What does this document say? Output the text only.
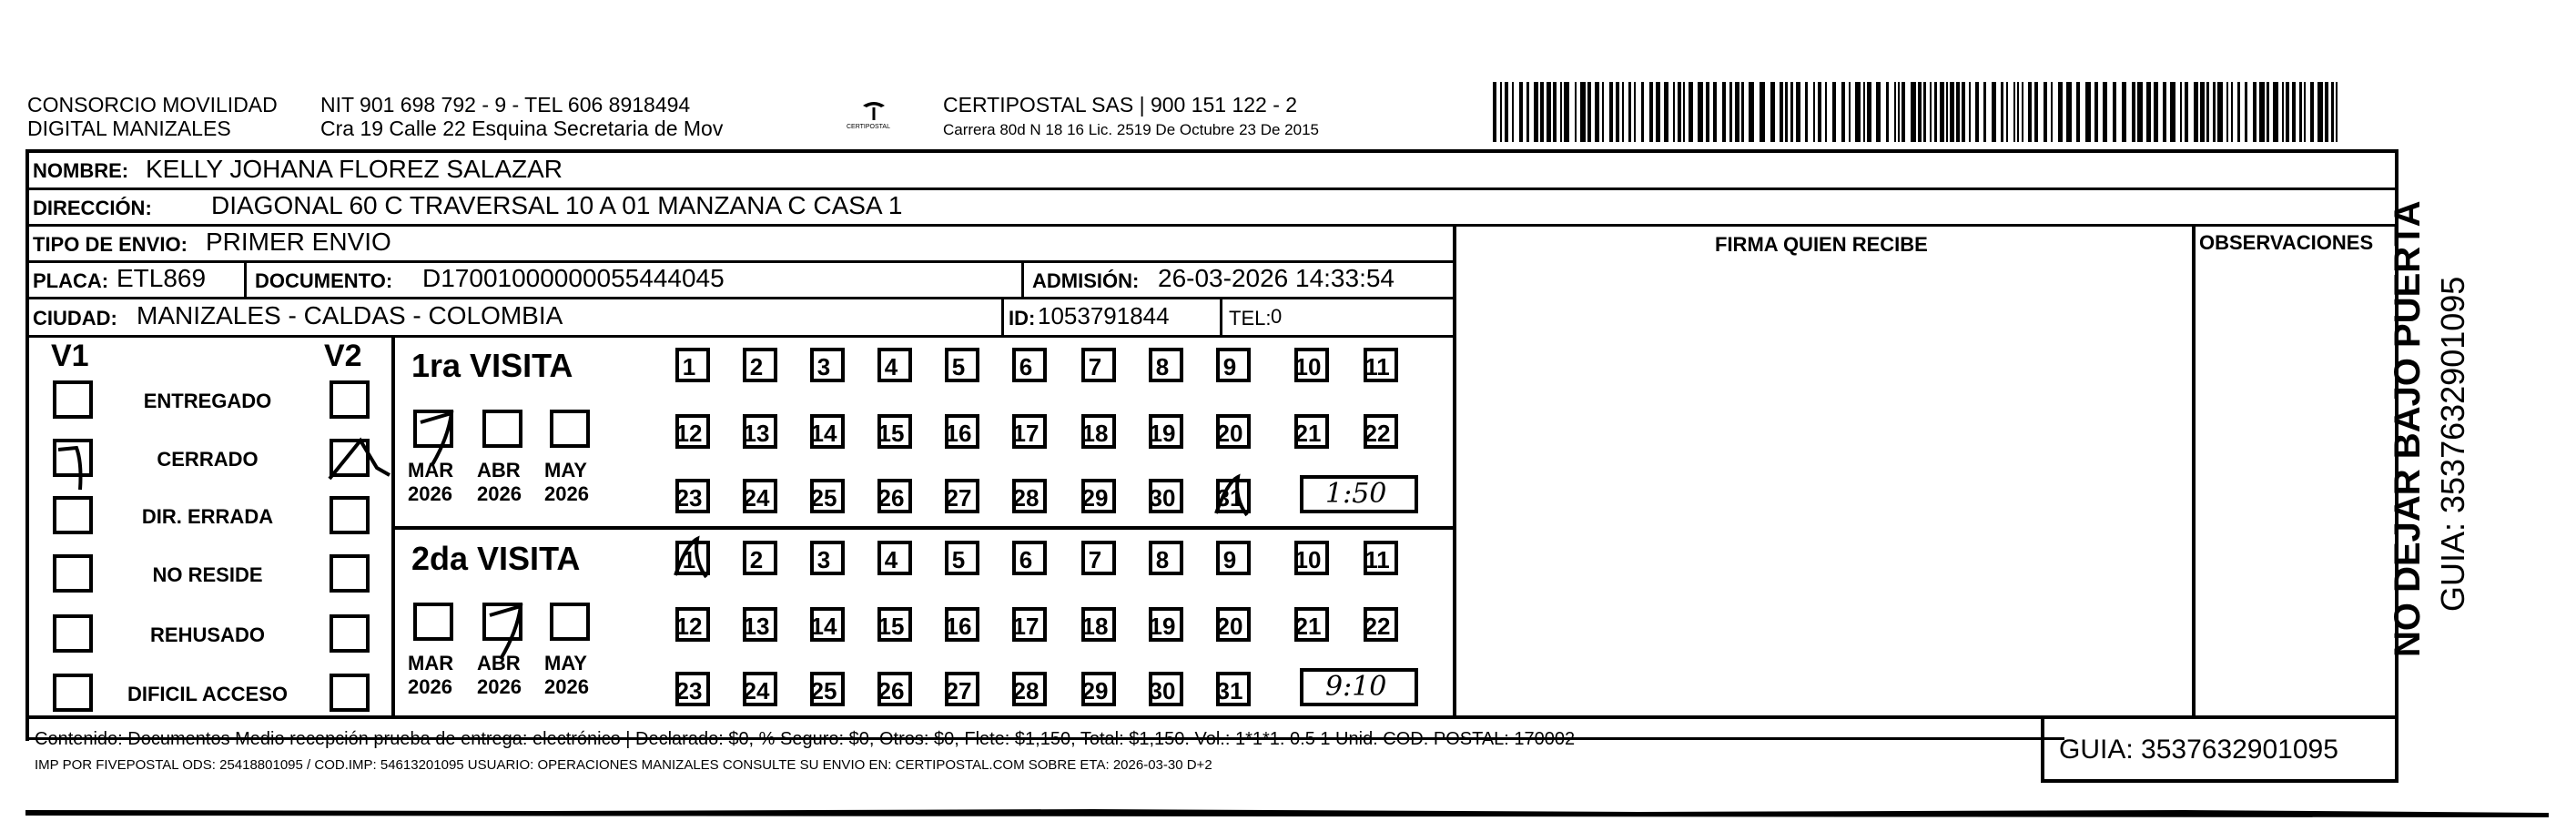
CONSORCIO MOVILIDAD
DIGITAL MANIZALES
NIT 901 698 792 - 9 - TEL 606 8918494
Cra 19 Calle 22 Esquina Secretaria de Mov	CERTIPOSTAL
CERTIPOSTAL SAS | 900 151 122 - 2
Carrera 80d N 18 16 Lic. 2519 De Octubre 23 De 2015
NOMBRE: KELLY JOHANA FLOREZ SALAZAR
DIRECCIÓN: DIAGONAL 60 C TRAVERSAL 10 A 01 MANZANA C CASA 1
TIPO DE ENVIO: PRIMER ENVIO	FIRMA QUIEN RECIBE	OBSERVACIONES
PLACA: ETL869 DOCUMENTO: D17001000000055444045	ADMISIÓN: 26-03-2026 14:33:54
CIUDAD: MANIZALES - CALDAS - COLOMBIA	ID: 1053791844	TEL: 0
V1	V2
ENTREGADO
CERRADO
DIR. ERRADA
NO RESIDE
REHUSADO
DIFICIL ACCESO
1ra VISITA
2da VISITA
1 2 3 4 5 6 7 8 9 10 11
12 13 14 15 16 17 18 19 20 21 22
23 24 25 26 27 28 29 30 31	1:50
MAR
2026
ABR
2026
MAY
2026
1 2 3 4 5 6 7 8 9 10 11
12 13 14 15 16 17 18 19 20 21 22
23 24 25 26 27 28 29 30 31	9:10
MAR
2026
ABR
2026
MAY
2026
Contenido: Documentos Medio recepción prueba de entrega: electrónico | Declarado: $0, % Seguro: $0, Otros: $0, Flete: $1,150, Total: $1,150. Vol.: 1*1*1. 0.5 1 Unid. COD. POSTAL: 170002
IMP POR FIVEPOSTAL ODS: 25418801095 / COD.IMP: 54613201095 USUARIO: OPERACIONES MANIZALES CONSULTE SU ENVIO EN: CERTIPOSTAL.COM SOBRE ETA: 2026-03-30 D+2
GUIA: 3537632901095
NO DEJAR BAJO PUERTA GUIA: 3537632901095
